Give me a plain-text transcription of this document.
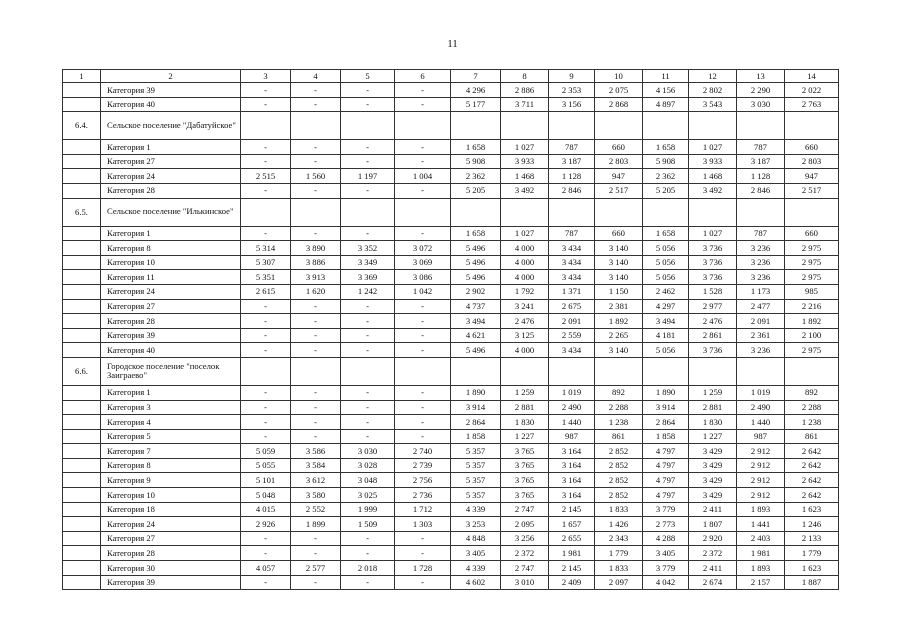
11
1	2	3	4	5	6	7	8	9	10	11	12	13	14
	Категория 39	-	-	-	-	4 296	2 886	2 353	2 075	4 156	2 802	2 290	2 022
	Категория 40	-	-	-	-	5 177	3 711	3 156	2 868	4 897	3 543	3 030	2 763
6.4.	Сельское поселение "Дабатуйское"												
	Категория 1	-	-	-	-	1 658	1 027	787	660	1 658	1 027	787	660
	Категория 27	-	-	-	-	5 908	3 933	3 187	2 803	5 908	3 933	3 187	2 803
	Категория 24	2 515	1 560	1 197	1 004	2 362	1 468	1 128	947	2 362	1 468	1 128	947
	Категория 28	-	-	-	-	5 205	3 492	2 846	2 517	5 205	3 492	2 846	2 517
6.5.	Сельское поселение "Илькинское"												
	Категория 1	-	-	-	-	1 658	1 027	787	660	1 658	1 027	787	660
	Категория 8	5 314	3 890	3 352	3 072	5 496	4 000	3 434	3 140	5 056	3 736	3 236	2 975
	Категория 10	5 307	3 886	3 349	3 069	5 496	4 000	3 434	3 140	5 056	3 736	3 236	2 975
	Категория 11	5 351	3 913	3 369	3 086	5 496	4 000	3 434	3 140	5 056	3 736	3 236	2 975
	Категория 24	2 615	1 620	1 242	1 042	2 902	1 792	1 371	1 150	2 462	1 528	1 173	985
	Категория 27	-	-	-	-	4 737	3 241	2 675	2 381	4 297	2 977	2 477	2 216
	Категория 28	-	-	-	-	3 494	2 476	2 091	1 892	3 494	2 476	2 091	1 892
	Категория 39	-	-	-	-	4 621	3 125	2 559	2 265	4 181	2 861	2 361	2 100
	Категория 40	-	-	-	-	5 496	4 000	3 434	3 140	5 056	3 736	3 236	2 975
6.6.	Городское поселение "поселок Заиграево"												
	Категория 1	-	-	-	-	1 890	1 259	1 019	892	1 890	1 259	1 019	892
	Категория 3	-	-	-	-	3 914	2 881	2 490	2 288	3 914	2 881	2 490	2 288
	Категория 4	-	-	-	-	2 864	1 830	1 440	1 238	2 864	1 830	1 440	1 238
	Категория 5	-	-	-	-	1 858	1 227	987	861	1 858	1 227	987	861
	Категория 7	5 059	3 586	3 030	2 740	5 357	3 765	3 164	2 852	4 797	3 429	2 912	2 642
	Категория 8	5 055	3 584	3 028	2 739	5 357	3 765	3 164	2 852	4 797	3 429	2 912	2 642
	Категория 9	5 101	3 612	3 048	2 756	5 357	3 765	3 164	2 852	4 797	3 429	2 912	2 642
	Категория 10	5 048	3 580	3 025	2 736	5 357	3 765	3 164	2 852	4 797	3 429	2 912	2 642
	Категория 18	4 015	2 552	1 999	1 712	4 339	2 747	2 145	1 833	3 779	2 411	1 893	1 623
	Категория 24	2 926	1 899	1 509	1 303	3 253	2 095	1 657	1 426	2 773	1 807	1 441	1 246
	Категория 27	-	-	-	-	4 848	3 256	2 655	2 343	4 288	2 920	2 403	2 133
	Категория 28	-	-	-	-	3 405	2 372	1 981	1 779	3 405	2 372	1 981	1 779
	Категория 30	4 057	2 577	2 018	1 728	4 339	2 747	2 145	1 833	3 779	2 411	1 893	1 623
	Категория 39	-	-	-	-	4 602	3 010	2 409	2 097	4 042	2 674	2 157	1 887
